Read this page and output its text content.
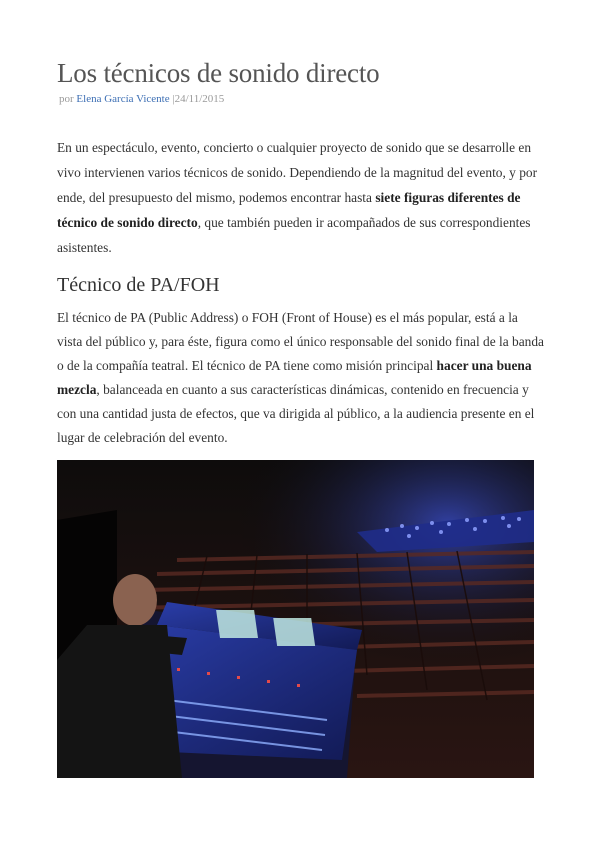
Los técnicos de sonido directo
por Elena García Vicente |24/11/2015

En un espectáculo, evento, concierto o cualquier proyecto de sonido que se desarrolle en vivo intervienen varios técnicos de sonido. Dependiendo de la magnitud del evento, y por ende, del presupuesto del mismo, podemos encontrar hasta siete figuras diferentes de técnico de sonido directo, que también pueden ir acompañados de sus correspondientes asistentes.

Técnico de PA/FOH

El técnico de PA (Public Address) o FOH (Front of House) es el más popular, está a la vista del público y, para éste, figura como el único responsable del sonido final de la banda o de la compañía teatral. El técnico de PA tiene como misión principal hacer una buena mezcla, balanceada en cuanto a sus características dinámicas, contenido en frecuencia y con una cantidad justa de efectos, que va dirigida al público, a la audiencia presente en el lugar de celebración del evento.
